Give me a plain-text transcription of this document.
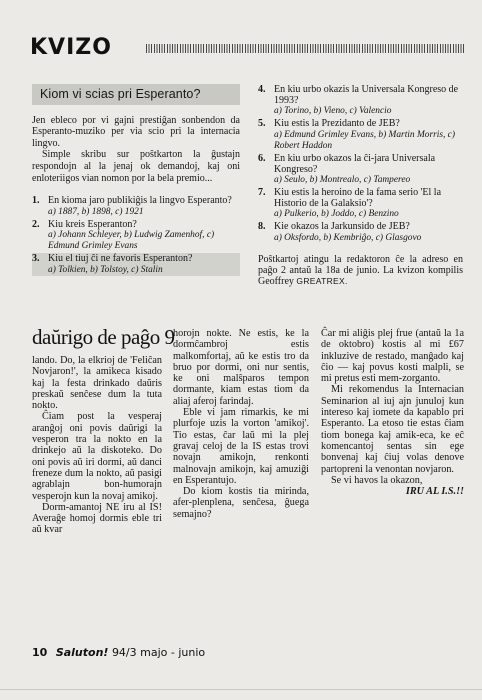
KVIZO
Kiom vi scias pri Esperanto?

Jen ebleco por vi gajni prestiĝan sonbendon da Esperanto-muziko per via scio pri la internacia lingvo.

Simple skribu sur poŝtkarton la ĝustajn respondojn al la jenaj ok demandoj, kaj oni enloteriigos vian nomon por la bela premio...

1. En kioma jaro publikiĝis la lingvo Esperanto?
a) 1887, b) 1898, c) 1921
2. Kiu kreis Esperanton?
a) Johann Schleyer, b) Ludwig Zamenhof, c) Edmund Grimley Evans
3. Kiu el tiuj ĉi ne favoris Esperanton?
a) Tolkien, b) Tolstoy, c) Stalin
4. En kiu urbo okazis la Universala Kongreso de 1993?
a) Torino, b) Vieno, c) Valencio
5. Kiu estis la Prezidanto de JEB?
a) Edmund Grimley Evans, b) Martin Morris, c) Robert Haddon
6. En kiu urbo okazos la ĉi-jara Universala Kongreso?
a) Seulo, b) Montrealo, c) Tampereo
7. Kiu estis la heroino de la fama serio 'El la Historio de la Galaksio'?
a) Pulkerio, b) Joddo, c) Benzino
8. Kie okazos la Jarkunsido de JEB?
a) Oksfordo, b) Kembriĝo, c) Glasgovo
Poŝtkartoj atingu la redaktoron ĉe la adreso en paĝo 2 antaŭ la 18a de junio. La kvizon kompilis Geoffrey GREATREX.
daŭrigo de paĝo 9

lando. Do, la elkrioj de 'Feliĉan Novjaron!', la amikeca kisado kaj la festa drinkado daŭris preskaŭ senĉese dum la tuta nokto.

Ĉiam post la vesperaj aranĝoj oni povis daŭrigi la vesperon tra la nokto en la drinkejo aŭ la diskoteko. Do oni povis aŭ iri dormi, aŭ danci freneze dum la nokto, aŭ pasigi agrablajn bon-humorajn vesperojn kun la novaj amikoj.

Dorm-amantoj NE iru al IS! Averaĝe homoj dormis eble tri aŭ kvar

horojn nokte. Ne estis, ke la dormĉambroj estis malkomfortaj, aŭ ke estis tro da bruo por dormi, oni nur sentis, ke oni malŝparos tempon dormante, kiam estas tiom da aliaj aferoj farindaj.

Eble vi jam rimarkis, ke mi plurfoje uzis la vorton 'amikoj'. Tio estas, ĉar laŭ mi la plej gravaj celoj de la IS estas trovi novajn amikojn, renkonti malnovajn amikojn, kaj amuziĝi en Esperantujo.

Do kiom kostis tia mirinda, afer-plenplena, senĉesa, ĝuega semajno?

Ĉar mi aliĝis plej frue (antaŭ la 1a de oktobro) kostis al mi £67 inkluzive de restado, manĝado kaj ĉio — kaj povus kosti malpli, se mi pretus esti mem-zorganto.

Mi rekomendus la Internacian Seminarion al iuj ajn junuloj kun intereso kaj iomete da kapablo pri Esperanto. La etoso tie estas ĉiam tiom bonega kaj amik-eca, ke eĉ komencantoj sentas sin ege bonvenaj kaj ĉiuj volas denove partopreni la venontan novjaron.

Se vi havos la okazon,

IRU AL I.S.!!
10 Saluton! 94/3 majo - junio
